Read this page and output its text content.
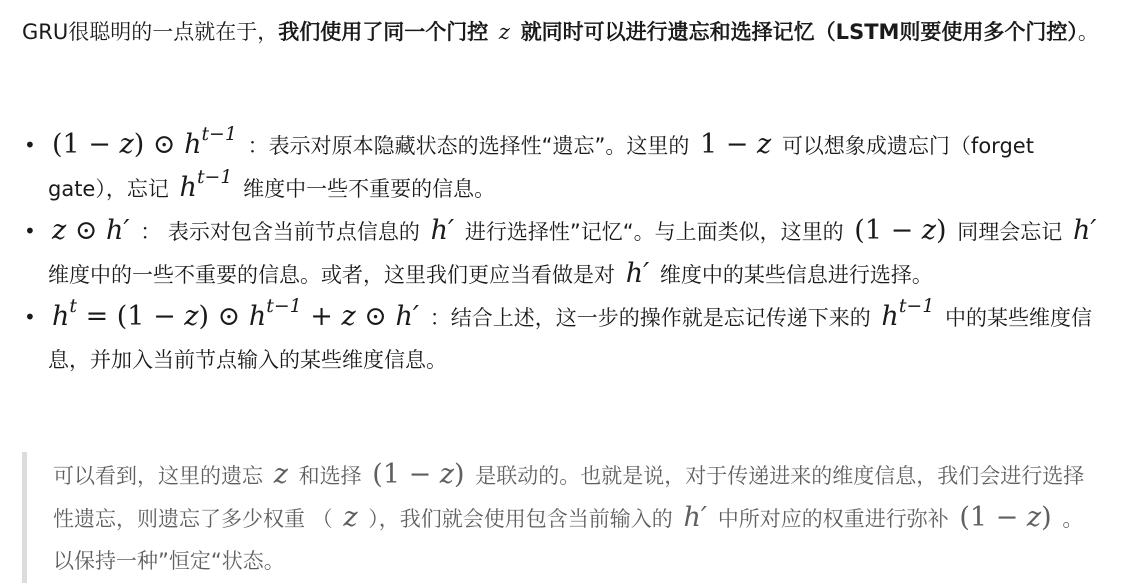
GRU很聪明的一点就在于，我们使用了同一个门控 z 就同时可以进行遗忘和选择记忆（LSTM则要使用多个门控）。

• (1 − z) ⊙ $h^{t-1}$ ：表示对原本隐藏状态的选择性“遗忘”。这里的 1 − z 可以想象成遗忘门（forget gate），忘记 $h^{t-1}$ 维度中一些不重要的信息。
• z ⊙ h′ ： 表示对包含当前节点信息的 h′ 进行选择性”记忆“。与上面类似，这里的 (1 − z) 同理会忘记 h′ 维度中的一些不重要的信息。或者，这里我们更应当看做是对 h′ 维度中的某些信息进行选择。
• $h^t = (1 - z)$ ⊙ $h^{t-1} + z$ ⊙ h′ ：结合上述，这一步的操作就是忘记传递下来的 $h^{t-1}$ 中的某些维度信息，并加入当前节点输入的某些维度信息。
可以看到，这里的遗忘 z 和选择 (1 − z) 是联动的。也就是说，对于传递进来的维度信息，我们会进行选择性遗忘，则遗忘了多少权重 （ z ），我们就会使用包含当前输入的 h′ 中所对应的权重进行弥补 (1 − z) 。以保持一种”恒定“状态。
